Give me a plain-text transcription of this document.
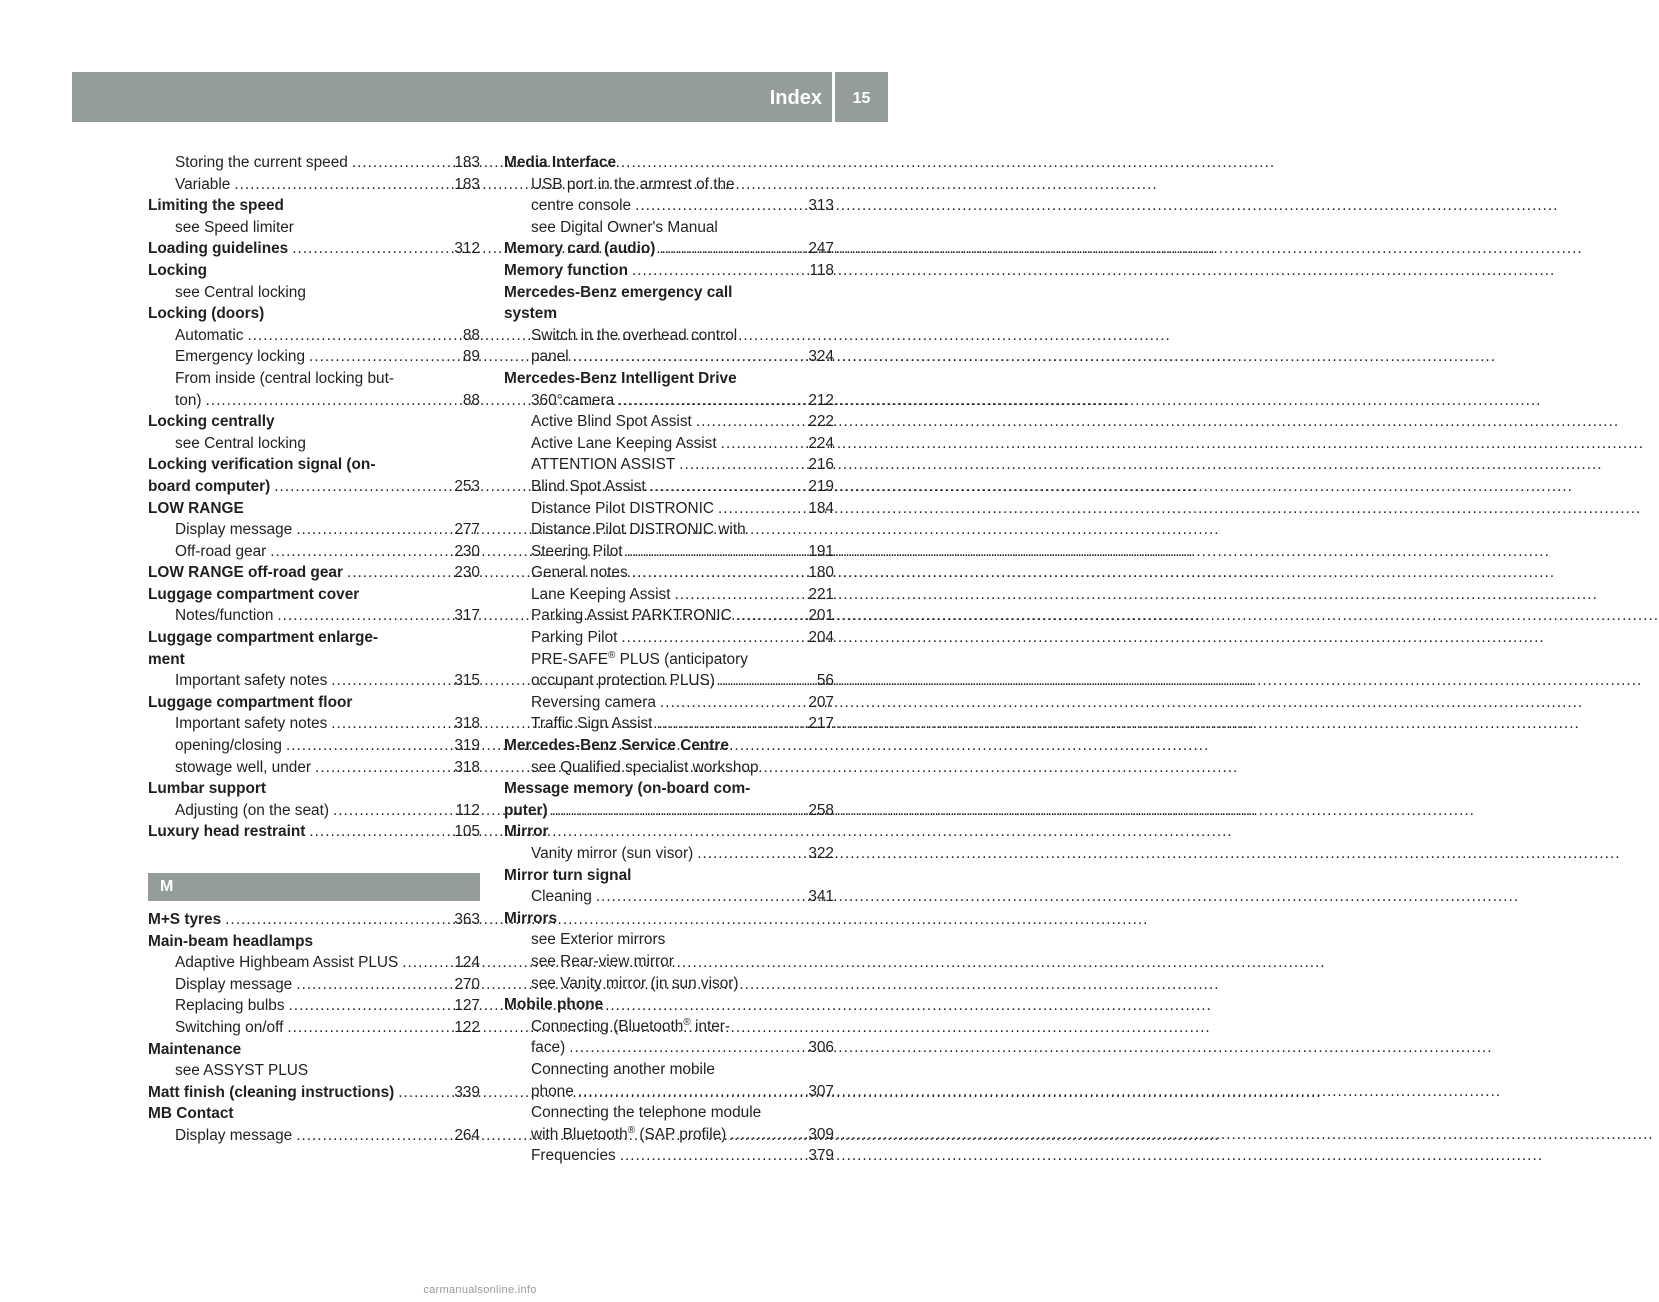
Index	15
Storing the current speed .....	183
Variable .....	183
Limiting the speed
see Speed limiter
Loading guidelines .....	312
Locking
see Central locking
Locking (doors)
Automatic .....	88
Emergency locking .....	89
From inside (central locking but-
ton) .....	88
Locking centrally
see Central locking
Locking verification signal (on-
board computer) .....	253
LOW RANGE
Display message .....	277
Off-road gear .....	230
LOW RANGE off-road gear .....	230
Luggage compartment cover
Notes/function .....	317
Luggage compartment enlarge-
ment
Important safety notes .....	315
Luggage compartment floor
Important safety notes .....	318
opening/closing .....	319
stowage well, under .....	318
Lumbar support
Adjusting (on the seat) .....	112
Luxury head restraint .....	105
M
M+S tyres .....	363
Main-beam headlamps
Adaptive Highbeam Assist PLUS .....	124
Display message .....	270
Replacing bulbs .....	127
Switching on/off .....	122
Maintenance
see ASSYST PLUS
Matt finish (cleaning instructions) .....	339
MB Contact
Display message .....	264
Media Interface
USB port in the armrest of the
centre console .....	313
see Digital Owner's Manual
Memory card (audio) .....	247
Memory function .....	118
Mercedes-Benz emergency call
system
Switch in the overhead control
panel .....	324
Mercedes-Benz Intelligent Drive
360°camera .....	212
Active Blind Spot Assist .....	222
Active Lane Keeping Assist .....	224
ATTENTION ASSIST .....	216
Blind Spot Assist .....	219
Distance Pilot DISTRONIC .....	184
Distance Pilot DISTRONIC with
Steering Pilot .....	191
General notes .....	180
Lane Keeping Assist .....	221
Parking Assist PARKTRONIC .....	201
Parking Pilot .....	204
PRE-SAFE® PLUS (anticipatory
occupant protection PLUS) .....	56
Reversing camera .....	207
Traffic Sign Assist .....	217
Mercedes-Benz Service Centre
see Qualified specialist workshop
Message memory (on-board com-
puter) .....	258
Mirror
Vanity mirror (sun visor) .....	322
Mirror turn signal
Cleaning .....	341
Mirrors
see Exterior mirrors
see Rear-view mirror
see Vanity mirror (in sun visor)
Mobile phone
Connecting (Bluetooth® inter-
face) .....	306
Connecting another mobile
phone .....	307
Connecting the telephone module
with Bluetooth® (SAP profile) .....	309
Frequencies .....	379
carmanualsonline.info
